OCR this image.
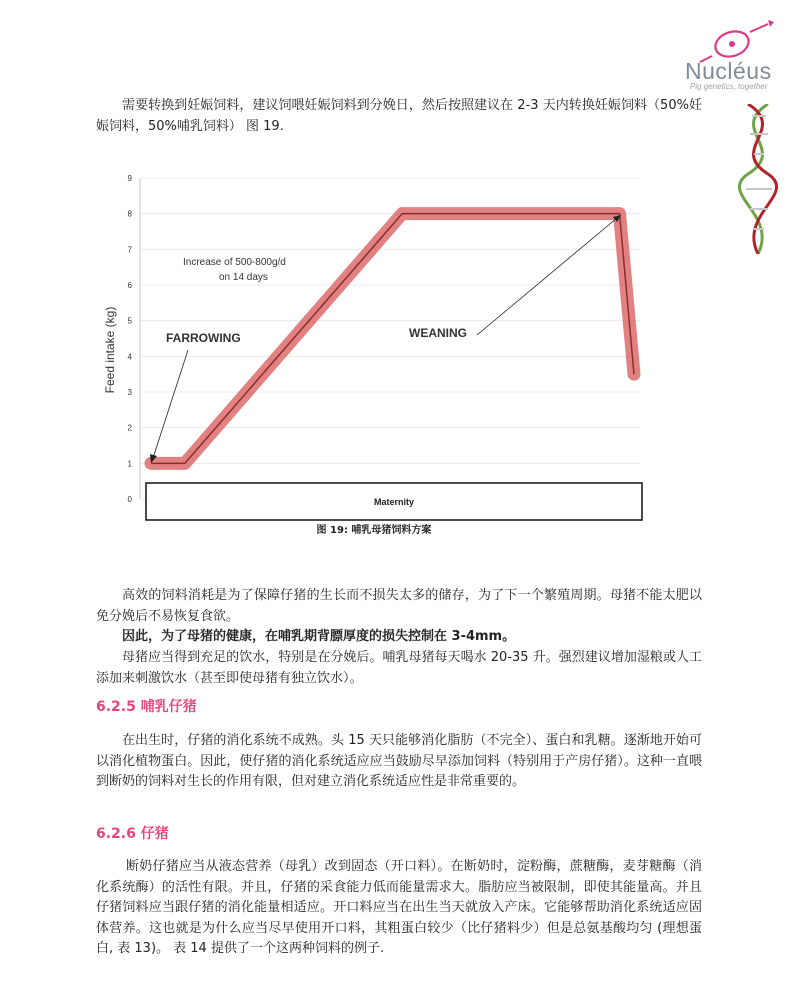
Nucléus
Pig genetics, together

需要转换到妊娠饲料，建议饲喂妊娠饲料到分娩日，然后按照建议在 2-3 天内转换妊娠饲料（50%妊娠饲料，50%哺乳饲料） 图 19.

Feed intake (kg)
0
1
2
3
4
5
6
7
8
9
Maternity
FARROWING	WEANING
Increase of 500-800g/d
on 14 days
图 19: 哺乳母猪饲料方案

高效的饲料消耗是为了保障仔猪的生长而不损失太多的储存，为了下一个繁殖周期。母猪不能太肥以免分娩后不易恢复食欲。

因此，为了母猪的健康，在哺乳期背膘厚度的损失控制在 3-4mm。

母猪应当得到充足的饮水，特别是在分娩后。哺乳母猪每天喝水 20-35 升。强烈建议增加湿粮或人工添加来刺激饮水（甚至即使母猪有独立饮水）。

6.2.5 哺乳仔猪

在出生时，仔猪的消化系统不成熟。头 15 天只能够消化脂肪（不完全）、蛋白和乳糖。逐渐地开始可以消化植物蛋白。因此，使仔猪的消化系统适应应当鼓励尽早添加饲料（特别用于产房仔猪）。这种一直喂到断奶的饲料对生长的作用有限，但对建立消化系统适应性是非常重要的。

6.2.6 仔猪

断奶仔猪应当从液态营养（母乳）改到固态（开口料）。在断奶时，淀粉酶，蔗糖酶，麦芽糖酶（消化系统酶）的活性有限。并且，仔猪的采食能力低而能量需求大。脂肪应当被限制，即使其能量高。并且仔猪饲料应当跟仔猪的消化能量相适应。开口料应当在出生当天就放入产床。它能够帮助消化系统适应固体营养。这也就是为什么应当尽早使用开口料，其粗蛋白较少（比仔猪料少）但是总氨基酸均匀 (理想蛋白, 表 13)。 表 14 提供了一个这两种饲料的例子.
